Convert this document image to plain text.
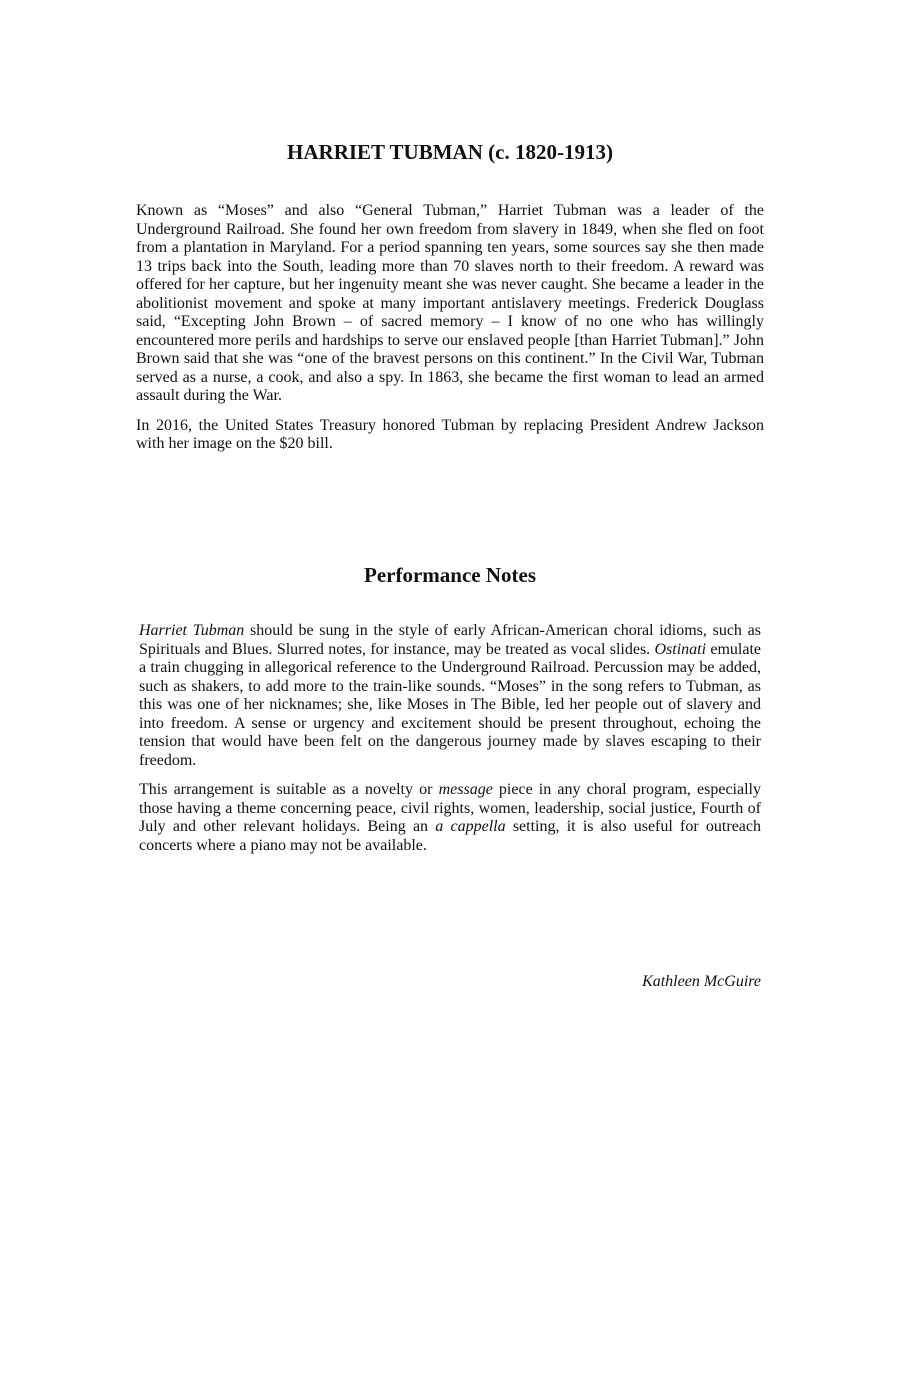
HARRIET TUBMAN (c. 1820-1913)

Known as “Moses” and also “General Tubman,” Harriet Tubman was a leader of the Underground Railroad. She found her own freedom from slavery in 1849, when she fled on foot from a plantation in Maryland. For a period spanning ten years, some sources say she then made 13 trips back into the South, leading more than 70 slaves north to their freedom. A reward was offered for her capture, but her ingenuity meant she was never caught. She became a leader in the abolitionist movement and spoke at many important antislavery meetings. Frederick Douglass said, “Excepting John Brown – of sacred memory – I know of no one who has willingly encountered more perils and hardships to serve our enslaved people [than Harriet Tubman].” John Brown said that she was “one of the bravest persons on this continent.” In the Civil War, Tubman served as a nurse, a cook, and also a spy. In 1863, she became the first woman to lead an armed assault during the War.

In 2016, the United States Treasury honored Tubman by replacing President Andrew Jackson with her image on the $20 bill.

Performance Notes

Harriet Tubman should be sung in the style of early African-American choral idioms, such as Spirituals and Blues. Slurred notes, for instance, may be treated as vocal slides. Ostinati emulate a train chugging in allegorical reference to the Underground Railroad. Percussion may be added, such as shakers, to add more to the train-like sounds. “Moses” in the song refers to Tubman, as this was one of her nicknames; she, like Moses in The Bible, led her people out of slavery and into freedom. A sense or urgency and excitement should be present throughout, echoing the tension that would have been felt on the dangerous journey made by slaves escaping to their freedom.

This arrangement is suitable as a novelty or message piece in any choral program, especially those having a theme concerning peace, civil rights, women, leadership, social justice, Fourth of July and other relevant holidays. Being an a cappella setting, it is also useful for outreach concerts where a piano may not be available.

Kathleen McGuire
